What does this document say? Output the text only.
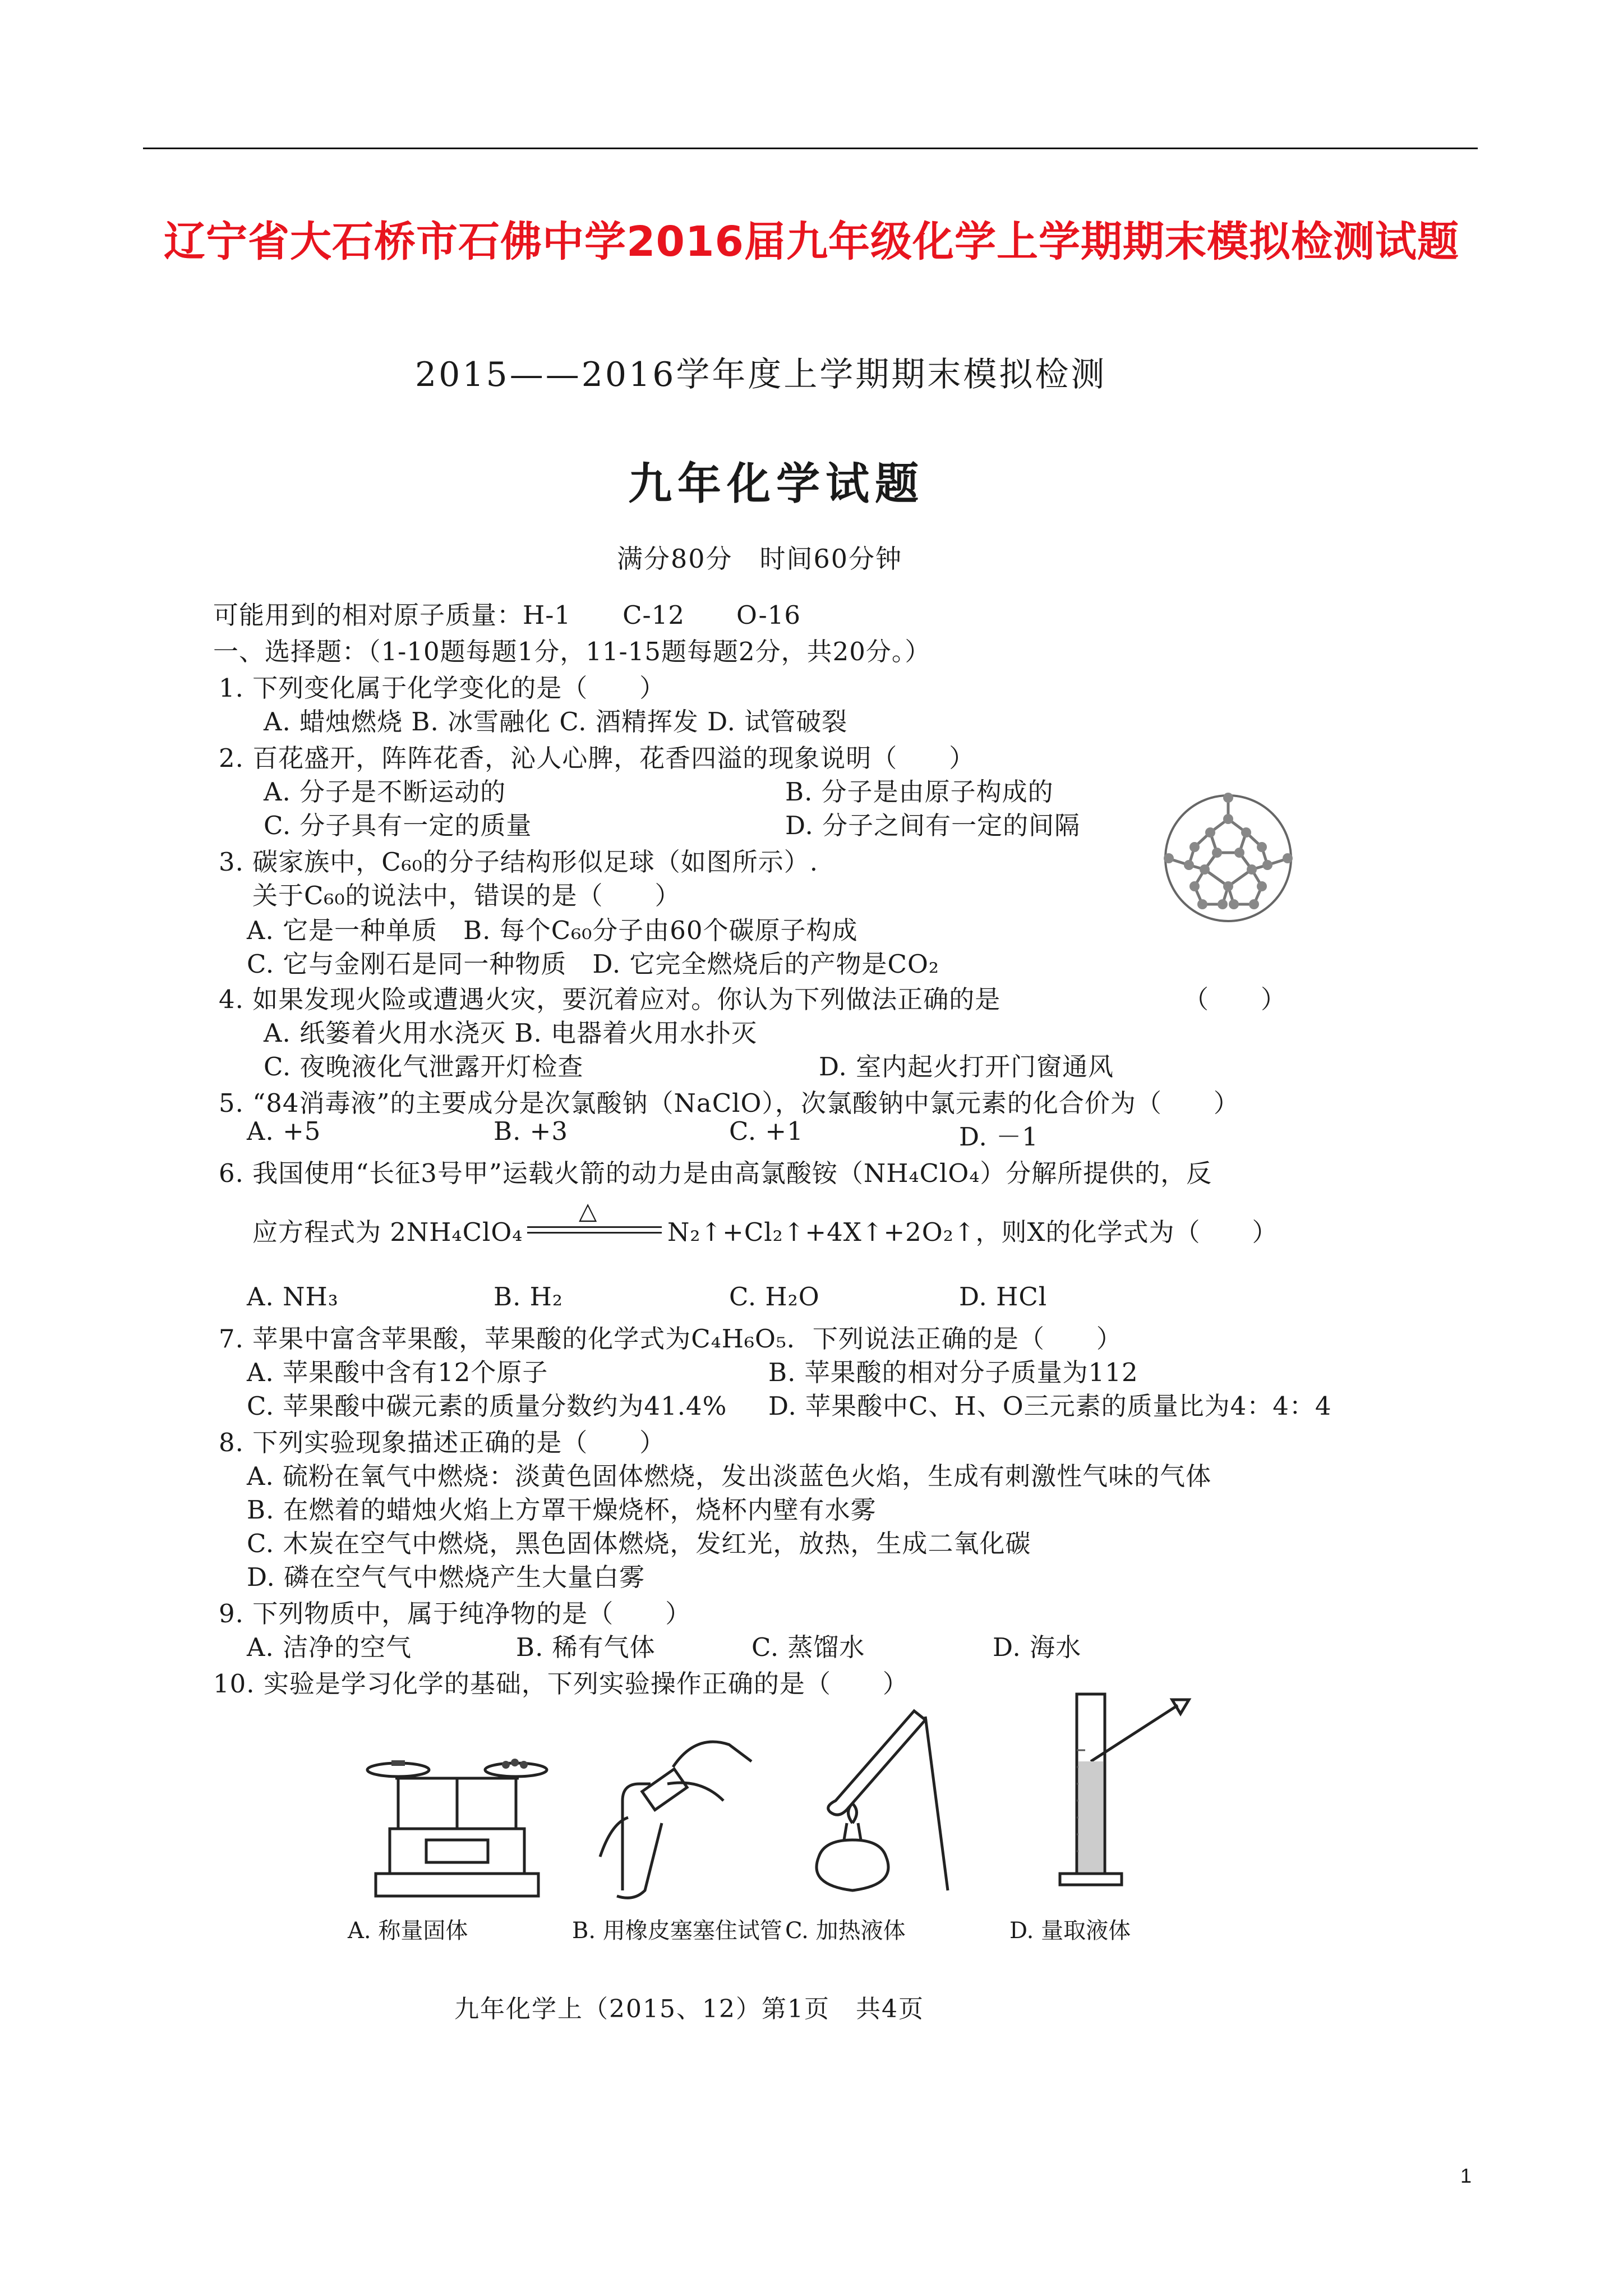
辽宁省大石桥市石佛中学2016届九年级化学上学期期末模拟检测试题
2015——2016学年度上学期期末模拟检测
九年化学试题
满分80分　时间60分钟
可能用到的相对原子质量：H-1　　C-12　　O-16
一、选择题：（1-10题每题1分，11-15题每题2分，共20分。）
1. 下列变化属于化学变化的是（　　）
A. 蜡烛燃烧 B. 冰雪融化 C. 酒精挥发 D. 试管破裂
2. 百花盛开，阵阵花香，沁人心脾，花香四溢的现象说明（　　）
A. 分子是不断运动的	B. 分子是由原子构成的
C. 分子具有一定的质量	D. 分子之间有一定的间隔
3. 碳家族中，C₆₀的分子结构形似足球（如图所示）.
关于C₆₀的说法中，错误的是（　　）
A. 它是一种单质　B. 每个C₆₀分子由60个碳原子构成
C. 它与金刚石是同一种物质　D. 它完全燃烧后的产物是CO₂
4. 如果发现火险或遭遇火灾，要沉着应对。你认为下列做法正确的是	（　　）
A. 纸篓着火用水浇灭 B. 电器着火用水扑灭
C. 夜晚液化气泄露开灯检查	D. 室内起火打开门窗通风
5. “84消毒液”的主要成分是次氯酸钠（NaClO），次氯酸钠中氯元素的化合价为（　　）
A. +5	B. +3	C. +1	D. －1
6. 我国使用“长征3号甲”运载火箭的动力是由高氯酸铵（NH₄ClO₄）分解所提供的，反
应方程式为 2NH₄ClO₄
△
N₂↑+Cl₂↑+4X↑+2O₂↑，则X的化学式为（　　）
A. NH₃	B. H₂	C. H₂O	D. HCl
7. 苹果中富含苹果酸，苹果酸的化学式为C₄H₆O₅．下列说法正确的是（　　）
A. 苹果酸中含有12个原子	B. 苹果酸的相对分子质量为112
C. 苹果酸中碳元素的质量分数约为41.4% D. 苹果酸中C、H、O三元素的质量比为4：4：4
8. 下列实验现象描述正确的是（　　）
A. 硫粉在氧气中燃烧：淡黄色固体燃烧，发出淡蓝色火焰，生成有刺激性气味的气体
B. 在燃着的蜡烛火焰上方罩干燥烧杯，烧杯内壁有水雾
C. 木炭在空气中燃烧，黑色固体燃烧，发红光，放热，生成二氧化碳
D. 磷在空气气中燃烧产生大量白雾
9. 下列物质中，属于纯净物的是（　　）
A. 洁净的空气	B. 稀有气体	C. 蒸馏水	D. 海水
10. 实验是学习化学的基础，下列实验操作正确的是（　　）
A. 称量固体	B. 用橡皮塞塞住试管 C. 加热液体	D. 量取液体
九年化学上（2015、12）第1页　共4页
1
